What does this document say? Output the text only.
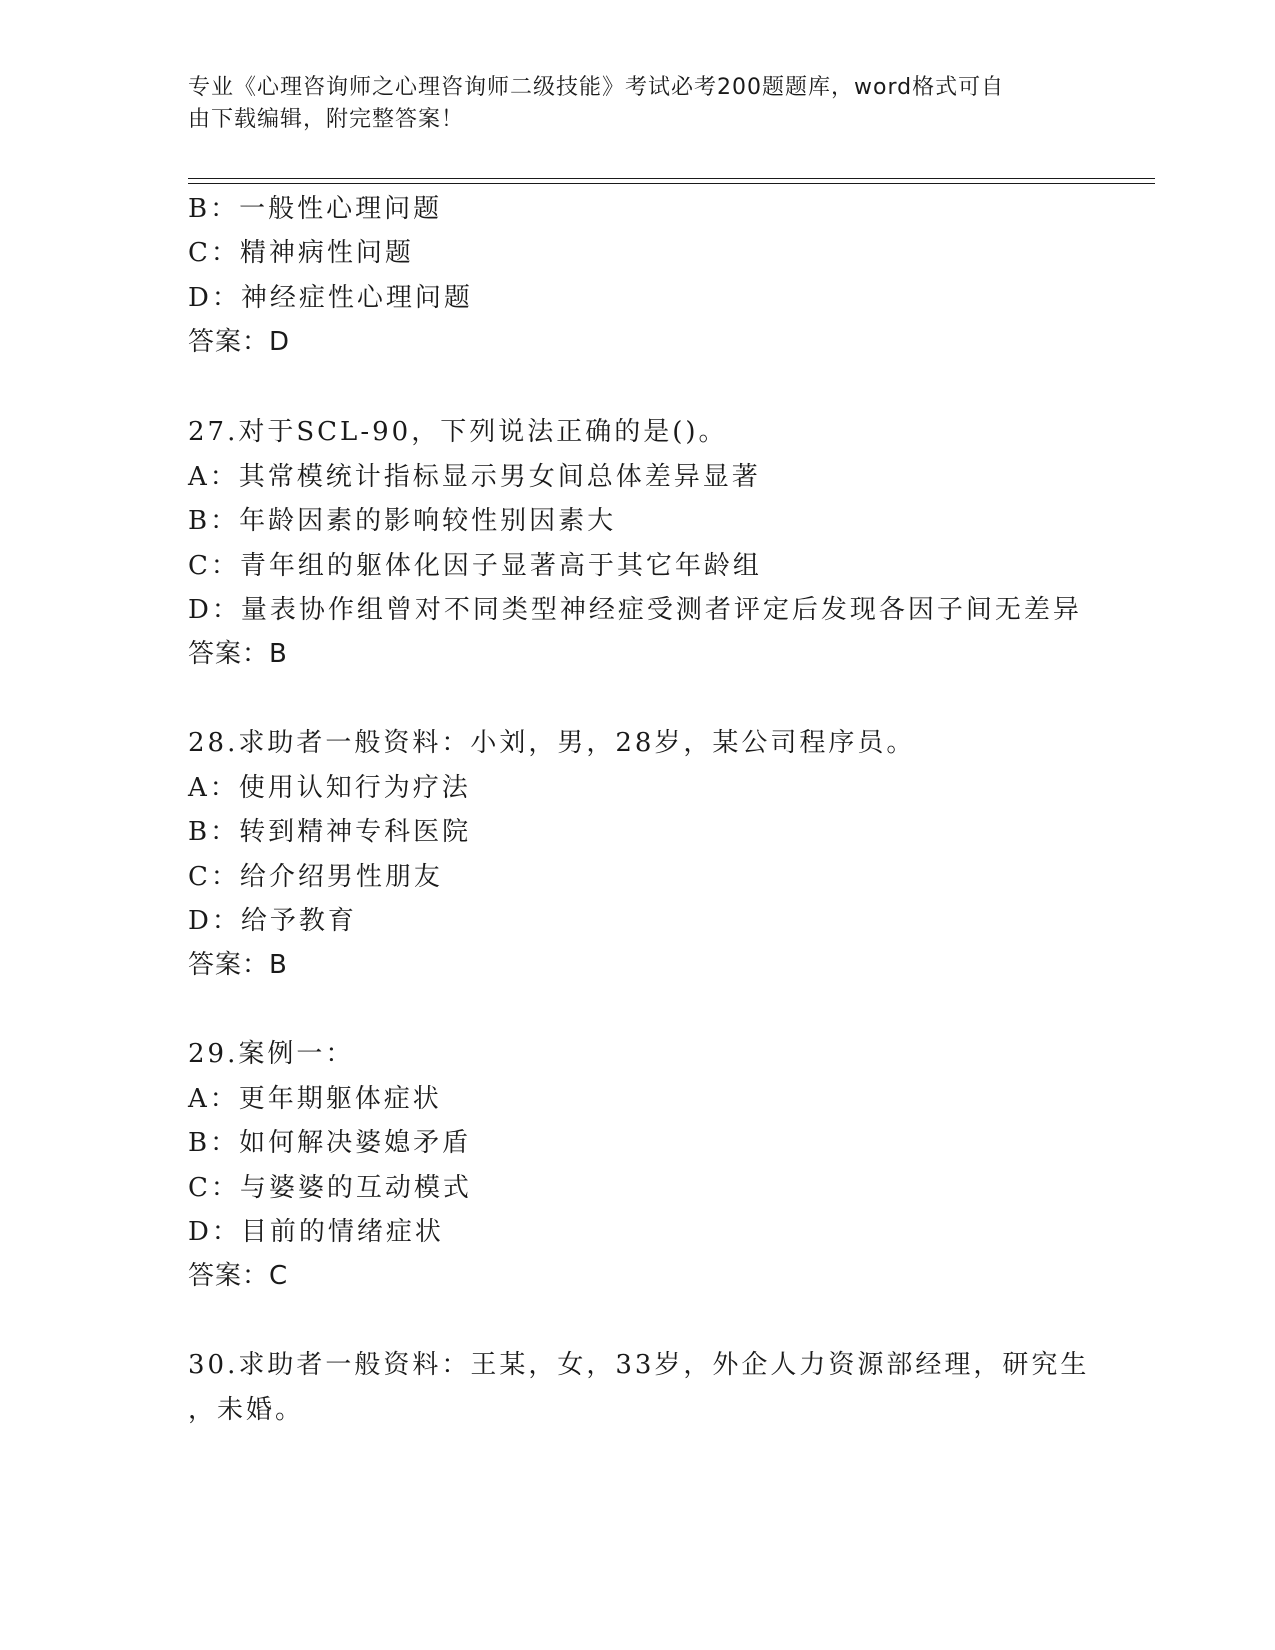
专业《心理咨询师之心理咨询师二级技能》考试必考200题题库，word格式可自
由下载编辑，附完整答案！
B：一般性心理问题
C：精神病性问题
D：神经症性心理问题
答案：D
27.对于SCL-90，下列说法正确的是()。
A：其常模统计指标显示男女间总体差异显著
B：年龄因素的影响较性别因素大
C：青年组的躯体化因子显著高于其它年龄组
D：量表协作组曾对不同类型神经症受测者评定后发现各因子间无差异
答案：B
28.求助者一般资料：小刘，男，28岁，某公司程序员。
A：使用认知行为疗法
B：转到精神专科医院
C：给介绍男性朋友
D：给予教育
答案：B
29.案例一：
A：更年期躯体症状
B：如何解决婆媳矛盾
C：与婆婆的互动模式
D：目前的情绪症状
答案：C
30.求助者一般资料：王某，女，33岁，外企人力资源部经理，研究生
，未婚。
